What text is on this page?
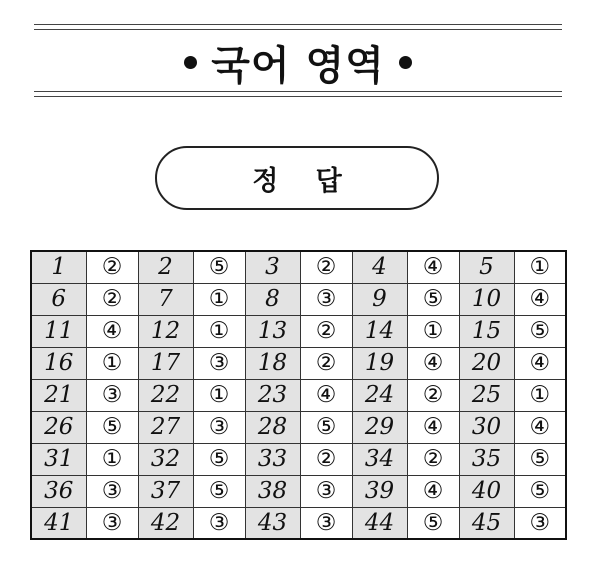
국어 영역
정 답
1	②	2	⑤	3	②	4	④	5	①
6	②	7	①	8	③	9	⑤	10	④
11	④	12	①	13	②	14	①	15	⑤
16	①	17	③	18	②	19	④	20	④
21	③	22	①	23	④	24	②	25	①
26	⑤	27	③	28	⑤	29	④	30	④
31	①	32	⑤	33	②	34	②	35	⑤
36	③	37	⑤	38	③	39	④	40	⑤
41	③	42	③	43	③	44	⑤	45	③
